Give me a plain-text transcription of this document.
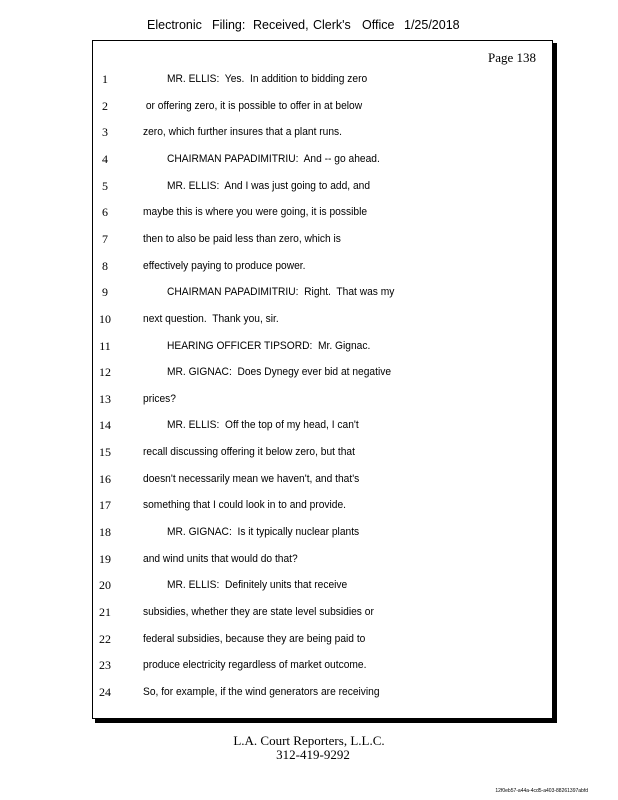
Electronic Filing: Received, Clerk's Office 1/25/2018
Page 138
1	MR. ELLIS:  Yes.  In addition to bidding zero
2	or offering zero, it is possible to offer in at below
3	zero, which further insures that a plant runs.
4	CHAIRMAN PAPADIMITRIU:  And -- go ahead.
5	MR. ELLIS:  And I was just going to add, and
6	maybe this is where you were going, it is possible
7	then to also be paid less than zero, which is
8	effectively paying to produce power.
9	CHAIRMAN PAPADIMITRIU:  Right.  That was my
10	next question.  Thank you, sir.
11	HEARING OFFICER TIPSORD:  Mr. Gignac.
12	MR. GIGNAC:  Does Dynegy ever bid at negative
13	prices?
14	MR. ELLIS:  Off the top of my head, I can't
15	recall discussing offering it below zero, but that
16	doesn't necessarily mean we haven't, and that's
17	something that I could look in to and provide.
18	MR. GIGNAC:  Is it typically nuclear plants
19	and wind units that would do that?
20	MR. ELLIS:  Definitely units that receive
21	subsidies, whether they are state level subsidies or
22	federal subsidies, because they are being paid to
23	produce electricity regardless of market outcome.
24	So, for example, if the wind generators are receiving
L.A. Court Reporters, L.L.C.
312-419-9292
12f0eb57-a44a-4cd5-a403-88261397abfd
